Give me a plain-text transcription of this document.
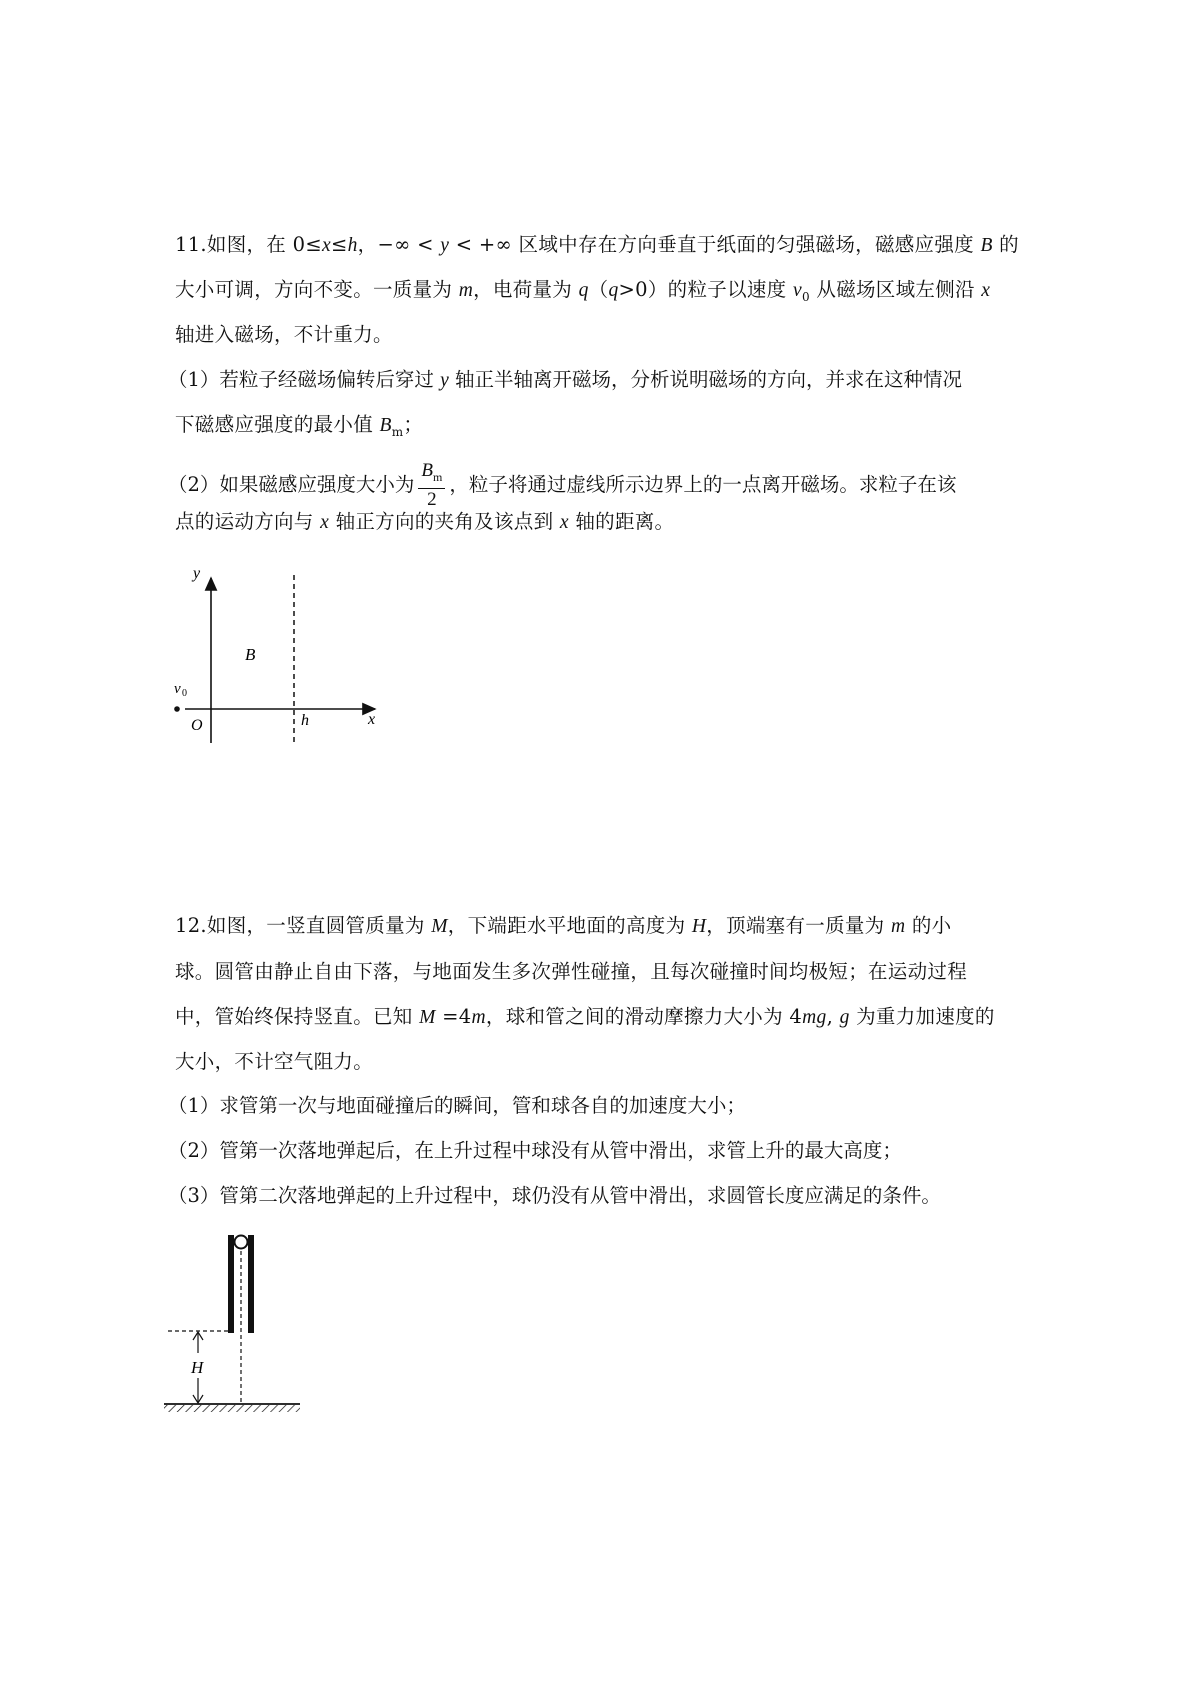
11.如图，在 0≤x≤h，−∞ < y < +∞ 区域中存在方向垂直于纸面的匀强磁场，磁感应强度 B 的
大小可调，方向不变。一质量为 m，电荷量为 q（q>0）的粒子以速度 $v_0$ 从磁场区域左侧沿 x
轴进入磁场，不计重力。
（1）若粒子经磁场偏转后穿过 y 轴正半轴离开磁场，分析说明磁场的方向，并求在这种情况
下磁感应强度的最小值 $B_m$；
（2）如果磁感应强度大小为 $\frac{B_m}{2}$ ，粒子将通过虚线所示边界上的一点离开磁场。求粒子在该
点的运动方向与 x 轴正方向的夹角及该点到 x 轴的距离。
y
B
v 0
O	h	x
12.如图，一竖直圆管质量为 M，下端距水平地面的高度为 H，顶端塞有一质量为 m 的小
球。圆管由静止自由下落，与地面发生多次弹性碰撞，且每次碰撞时间均极短；在运动过程
中，管始终保持竖直。已知 M =4m，球和管之间的滑动摩擦力大小为 4mg, g 为重力加速度的
大小，不计空气阻力。
（1）求管第一次与地面碰撞后的瞬间，管和球各自的加速度大小；
（2）管第一次落地弹起后，在上升过程中球没有从管中滑出，求管上升的最大高度；
（3）管第二次落地弹起的上升过程中，球仍没有从管中滑出，求圆管长度应满足的条件。
H
